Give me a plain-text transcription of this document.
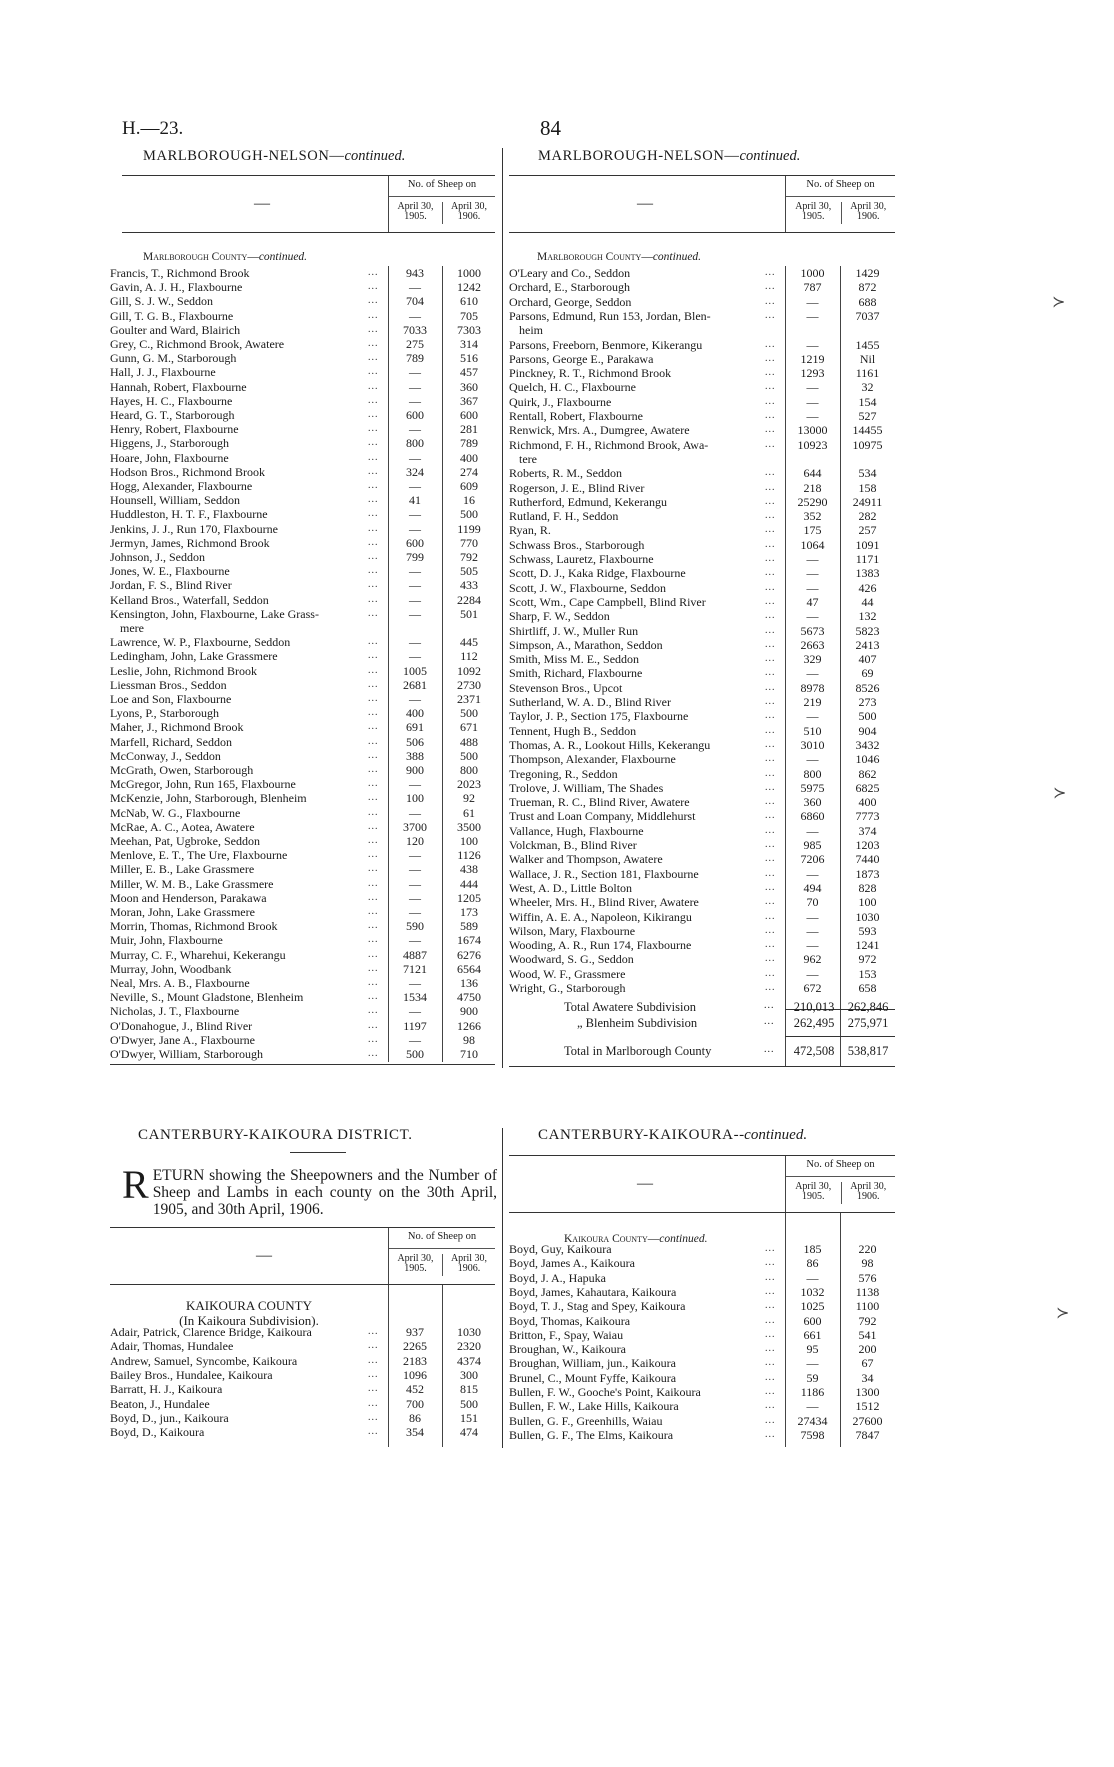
H.—23.	84
MARLBOROUGH-NELSON—continued.
—
No. of Sheep on
April 30, 1905.
April 30, 1906.
Marlborough County—continued.
Francis, T., Richmond Brook	...	943	1000
Gavin, A. J. H., Flaxbourne	...	—	1242
Gill, S. J. W., Seddon	...	704	610
Gill, T. G. B., Flaxbourne	...	—	705
Goulter and Ward, Blairich	...	7033	7303
Grey, C., Richmond Brook, Awatere	...	275	314
Gunn, G. M., Starborough	...	789	516
Hall, J. J., Flaxbourne	...	—	457
Hannah, Robert, Flaxbourne	...	—	360
Hayes, H. C., Flaxbourne	...	—	367
Heard, G. T., Starborough	...	600	600
Henry, Robert, Flaxbourne	...	—	281
Higgens, J., Starborough	...	800	789
Hoare, John, Flaxbourne	...	—	400
Hodson Bros., Richmond Brook	...	324	274
Hogg, Alexander, Flaxbourne	...	—	609
Hounsell, William, Seddon	...	41	16
Huddleston, H. T. F., Flaxbourne	...	—	500
Jenkins, J. J., Run 170, Flaxbourne	...	—	1199
Jermyn, James, Richmond Brook	...	600	770
Johnson, J., Seddon	...	799	792
Jones, W. E., Flaxbourne	...	—	505
Jordan, F. S., Blind River	...	—	433
Kelland Bros., Waterfall, Seddon	...	—	2284
Kensington, John, Flaxbourne, Lake Grass-	...	—	501
mere
Lawrence, W. P., Flaxbourne, Seddon	...	—	445
Ledingham, John, Lake Grassmere	...	—	112
Leslie, John, Richmond Brook	...	1005	1092
Liessman Bros., Seddon	...	2681	2730
Loe and Son, Flaxbourne	...	—	2371
Lyons, P., Starborough	...	400	500
Maher, J., Richmond Brook	...	691	671
Marfell, Richard, Seddon	...	506	488
McConway, J., Seddon	...	388	500
McGrath, Owen, Starborough	...	900	800
McGregor, John, Run 165, Flaxbourne	...	—	2023
McKenzie, John, Starborough, Blenheim	...	100	92
McNab, W. G., Flaxbourne	...	—	61
McRae, A. C., Aotea, Awatere	...	3700	3500
Meehan, Pat, Ugbroke, Seddon	...	120	100
Menlove, E. T., The Ure, Flaxbourne	...	—	1126
Miller, E. B., Lake Grassmere	...	—	438
Miller, W. M. B., Lake Grassmere	...	—	444
Moon and Henderson, Parakawa	...	—	1205
Moran, John, Lake Grassmere	...	—	173
Morrin, Thomas, Richmond Brook	...	590	589
Muir, John, Flaxbourne	...	—	1674
Murray, C. F., Wharehui, Kekerangu	...	4887	6276
Murray, John, Woodbank	...	7121	6564
Neal, Mrs. A. B., Flaxbourne	...	—	136
Neville, S., Mount Gladstone, Blenheim	...	1534	4750
Nicholas, J. T., Flaxbourne	...	—	900
O'Donahogue, J., Blind River	...	1197	1266
O'Dwyer, Jane A., Flaxbourne	...	—	98
O'Dwyer, William, Starborough	...	500	710
MARLBOROUGH-NELSON—continued.
—
No. of Sheep on
April 30, 1905.
April 30, 1906.
Marlborough County—continued.
O'Leary and Co., Seddon	...	1000	1429
Orchard, E., Starborough	...	787	872
Orchard, George, Seddon	...	—	688
Parsons, Edmund, Run 153, Jordan, Blen-	...	—	7037
heim
Parsons, Freeborn, Benmore, Kikerangu	...	—	1455
Parsons, George E., Parakawa	...	1219	Nil
Pinckney, R. T., Richmond Brook	...	1293	1161
Quelch, H. C., Flaxbourne	...	—	32
Quirk, J., Flaxbourne	...	—	154
Rentall, Robert, Flaxbourne	...	—	527
Renwick, Mrs. A., Dumgree, Awatere	...	13000	14455
Richmond, F. H., Richmond Brook, Awa-	...	10923	10975
tere
Roberts, R. M., Seddon	...	644	534
Rogerson, J. E., Blind River	...	218	158
Rutherford, Edmund, Kekerangu	...	25290	24911
Rutland, F. H., Seddon	...	352	282
Ryan, R.	...	175	257
Schwass Bros., Starborough	...	1064	1091
Schwass, Lauretz, Flaxbourne	...	—	1171
Scott, D. J., Kaka Ridge, Flaxbourne	...	—	1383
Scott, J. W., Flaxbourne, Seddon	...	—	426
Scott, Wm., Cape Campbell, Blind River	...	47	44
Sharp, F. W., Seddon	...	—	132
Shirtliff, J. W., Muller Run	...	5673	5823
Simpson, A., Marathon, Seddon	...	2663	2413
Smith, Miss M. E., Seddon	...	329	407
Smith, Richard, Flaxbourne	...	—	69
Stevenson Bros., Upcot	...	8978	8526
Sutherland, W. A. D., Blind River	...	219	273
Taylor, J. P., Section 175, Flaxbourne	...	—	500
Tennent, Hugh B., Seddon	...	510	904
Thomas, A. R., Lookout Hills, Kekerangu	...	3010	3432
Thompson, Alexander, Flaxbourne	...	—	1046
Tregoning, R., Seddon	...	800	862
Trolove, J. William, The Shades	...	5975	6825
Trueman, R. C., Blind River, Awatere	...	360	400
Trust and Loan Company, Middlehurst	...	6860	7773
Vallance, Hugh, Flaxbourne	...	—	374
Volckman, B., Blind River	...	985	1203
Walker and Thompson, Awatere	...	7206	7440
Wallace, J. R., Section 181, Flaxbourne	...	—	1873
West, A. D., Little Bolton	...	494	828
Wheeler, Mrs. H., Blind River, Awatere	...	70	100
Wiffin, A. E. A., Napoleon, Kikirangu	...	—	1030
Wilson, Mary, Flaxbourne	...	—	593
Wooding, A. R., Run 174, Flaxbourne	...	—	1241
Woodward, S. G., Seddon	...	962	972
Wood, W. F., Grassmere	...	—	153
Wright, G., Starborough	...	672	658
Total Awatere Subdivision	...	210,013	262,846
„ Blenheim Subdivision	...	262,495	275,971
Total in Marlborough County	...	472,508	538,817
CANTERBURY-KAIKOURA DISTRICT.
R ETURN showing the Sheepowners and the Number of Sheep and Lambs in each county on the 30th April, 1905, and 30th April, 1906.
—
No. of Sheep on
April 30, 1905.
April 30, 1906.
KAIKOURA COUNTY
(In Kaikoura Subdivision).
Adair, Patrick, Clarence Bridge, Kaikoura	...	937	1030
Adair, Thomas, Hundalee	...	2265	2320
Andrew, Samuel, Syncombe, Kaikoura	...	2183	4374
Bailey Bros., Hundalee, Kaikoura	...	1096	300
Barratt, H. J., Kaikoura	...	452	815
Beaton, J., Hundalee	...	700	500
Boyd, D., jun., Kaikoura	...	86	151
Boyd, D., Kaikoura	...	354	474
CANTERBURY-KAIKOURA--continued.
—
No. of Sheep on
April 30, 1905.
April 30, 1906.
Kaikoura County—continued.
Boyd, Guy, Kaikoura	...	185	220
Boyd, James A., Kaikoura	...	86	98
Boyd, J. A., Hapuka	...	—	576
Boyd, James, Kahautara, Kaikoura	...	1032	1138
Boyd, T. J., Stag and Spey, Kaikoura	...	1025	1100
Boyd, Thomas, Kaikoura	...	600	792
Britton, F., Spay, Waiau	...	661	541
Broughan, W., Kaikoura	...	95	200
Broughan, William, jun., Kaikoura	...	—	67
Brunel, C., Mount Fyffe, Kaikoura	...	59	34
Bullen, F. W., Gooche's Point, Kaikoura	...	1186	1300
Bullen, F. W., Lake Hills, Kaikoura	...	—	1512
Bullen, G. F., Greenhills, Waiau	...	27434	27600
Bullen, G. F., The Elms, Kaikoura	...	7598	7847
≻
≻
≻
